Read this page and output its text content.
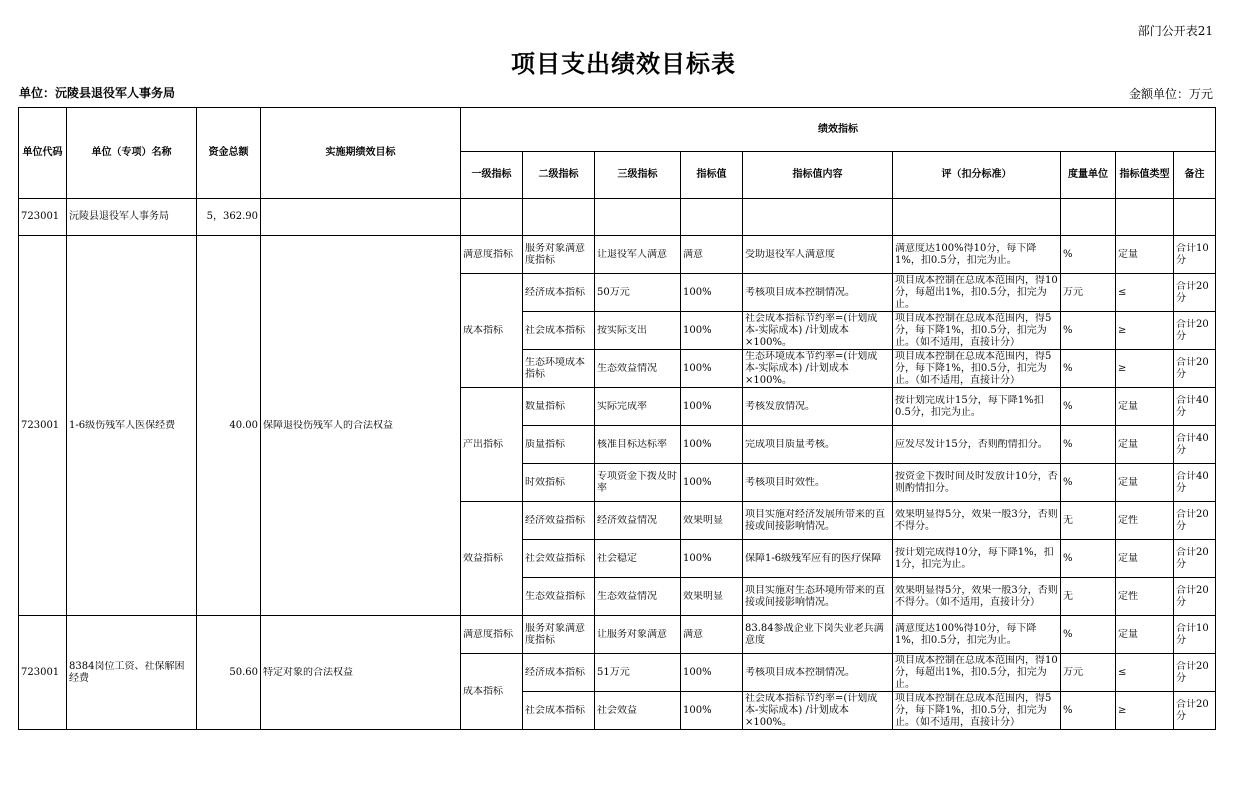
部门公开表21
项目支出绩效目标表
单位：沅陵县退役军人事务局	金额单位：万元
单位代码	单位（专项）名称	资金总额	实施期绩效目标	绩效指标								
				一级指标	二级指标	三级指标	指标值	指标值内容	评（扣分标准）	度量单位	指标值类型	备注
723001	沅陵县退役军人事务局	5，362.90										

723001	1-6级伤残军人医保经费	40.00	保障退役伤残军人的合法权益	满意度指标	服务对象满意度指标	让退役军人满意	满意	受助退役军人满意度	满意度达100%得10分，每下降1%，扣0.5分，扣完为止。	%	定量	合计10分

				成本指标	经济成本指标	50万元	100%	考核项目成本控制情况。	项目成本控制在总成本范围内，得10分，每超出1%，扣0.5分，扣完为止。	万元	≤	合计20分

					社会成本指标	按实际支出	100%	社会成本指标节约率=(计划成本-实际成本) /计划成本×100%。	项目成本控制在总成本范围内，得5分，每下降1%，扣0.5分，扣完为止。（如不适用，直接计分）	%	≥	合计20分

					生态环境成本指标	生态效益情况	100%	生态环境成本节约率=(计划成本-实际成本) /计划成本×100%。	项目成本控制在总成本范围内，得5分，每下降1%，扣0.5分，扣完为止。（如不适用，直接计分）	%	≥	合计20分

				产出指标	数量指标	实际完成率	100%	考核发放情况。	按计划完成计15分，每下降1%扣0.5分，扣完为止。	%	定量	合计40分

					质量指标	核准目标达标率	100%	完成项目质量考核。	应发尽发计15分，否则酌情扣分。	%	定量	合计40分

					时效指标	专项资金下拨及时率	100%	考核项目时效性。	按资金下拨时间及时发放计10分，否则酌情扣分。	%	定量	合计40分

				效益指标	经济效益指标	经济效益情况	效果明显	项目实施对经济发展所带来的直接或间接影响情况。	效果明显得5分，效果一般3分，否则不得分。	无	定性	合计20分

					社会效益指标	社会稳定	100%	保障1-6级残军应有的医疗保障	按计划完成得10分，每下降1%，扣1分，扣完为止。	%	定量	合计20分

					生态效益指标	生态效益情况	效果明显	项目实施对生态环境所带来的直接或间接影响情况。	效果明显得5分，效果一般3分，否则不得分。（如不适用，直接计分）	无	定性	合计20分

723001	8384岗位工资、社保解困经费	50.60	特定对象的合法权益	满意度指标	服务对象满意度指标	让服务对象满意	满意	83.84参战企业下岗失业老兵满意度	满意度达100%得10分，每下降1%，扣0.5分，扣完为止。	%	定量	合计10分

				成本指标	经济成本指标	51万元	100%	考核项目成本控制情况。	项目成本控制在总成本范围内，得10分，每超出1%，扣0.5分，扣完为止。	万元	≤	合计20分

					社会成本指标	社会效益	100%	社会成本指标节约率=(计划成本-实际成本) /计划成本×100%。	项目成本控制在总成本范围内，得5分，每下降1%，扣0.5分，扣完为止。（如不适用，直接计分）	%	≥	合计20分
